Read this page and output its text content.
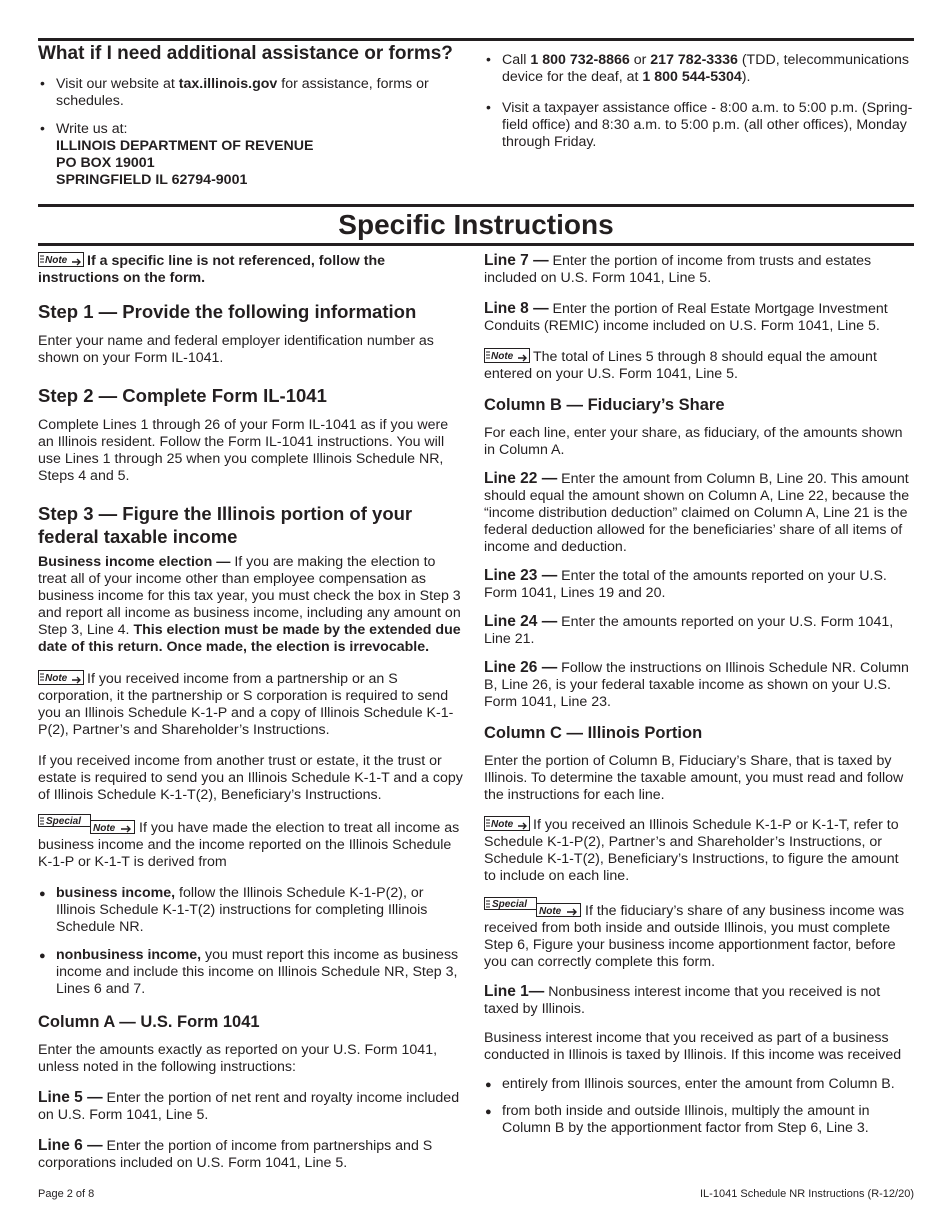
What if I need additional assistance or forms?
• Visit our website at tax.illinois.gov for assistance, forms or schedules.
• Write us at:
ILLINOIS DEPARTMENT OF REVENUE
PO BOX 19001
SPRINGFIELD IL 62794-9001
• Call 1 800 732-8866 or 217 782-3336 (TDD, telecommunications device for the deaf, at 1 800 544-5304).
• Visit a taxpayer assistance office - 8:00 a.m. to 5:00 p.m. (Spring-field office) and 8:30 a.m. to 5:00 p.m. (all other offices), Monday through Friday.
Specific Instructions

Note If a specific line is not referenced, follow the instructions on the form.

Step 1 — Provide the following information

Enter your name and federal employer identification number as shown on your Form IL-1041.

Step 2 — Complete Form IL-1041

Complete Lines 1 through 26 of your Form IL-1041 as if you were an Illinois resident. Follow the Form IL-1041 instructions. You will use Lines 1 through 25 when you complete Illinois Schedule NR, Steps 4 and 5.

Step 3 — Figure the Illinois portion of your federal taxable income

Business income election — If you are making the election to treat all of your income other than employee compensation as business income for this tax year, you must check the box in Step 3 and report all income as business income, including any amount on Step 3, Line 4. This election must be made by the extended due date of this return. Once made, the election is irrevocable.

Note If you received income from a partnership or an S corporation, it the partnership or S corporation is required to send you an Illinois Schedule K-1-P and a copy of Illinois Schedule K-1-P(2), Partner’s and Shareholder’s Instructions.

If you received income from another trust or estate, it the trust or estate is required to send you an Illinois Schedule K-1-T and a copy of Illinois Schedule K-1-T(2), Beneficiary’s Instructions.

Special
Note If you have made the election to treat all income as business income and the income reported on the Illinois Schedule K-1-P or K-1-T is derived from

● business income, follow the Illinois Schedule K-1-P(2), or Illinois Schedule K-1-T(2) instructions for completing Illinois Schedule NR.
● nonbusiness income, you must report this income as business income and include this income on Illinois Schedule NR, Step 3, Lines 6 and 7.
Column A — U.S. Form 1041

Enter the amounts exactly as reported on your U.S. Form 1041, unless noted in the following instructions:

Line 5 — Enter the portion of net rent and royalty income included on U.S. Form 1041, Line 5.

Line 6 — Enter the portion of income from partnerships and S corporations included on U.S. Form 1041, Line 5.

Line 7 — Enter the portion of income from trusts and estates included on U.S. Form 1041, Line 5.

Line 8 — Enter the portion of Real Estate Mortgage Investment Conduits (REMIC) income included on U.S. Form 1041, Line 5.

Note The total of Lines 5 through 8 should equal the amount entered on your U.S. Form 1041, Line 5.

Column B — Fiduciary’s Share

For each line, enter your share, as fiduciary, of the amounts shown in Column A.

Line 22 — Enter the amount from Column B, Line 20. This amount should equal the amount shown on Column A, Line 22, because the “income distribution deduction” claimed on Column A, Line 21 is the federal deduction allowed for the beneficiaries’ share of all items of income and deduction.

Line 23 — Enter the total of the amounts reported on your U.S. Form 1041, Lines 19 and 20.

Line 24 — Enter the amounts reported on your U.S. Form 1041, Line 21.

Line 26 — Follow the instructions on Illinois Schedule NR. Column B, Line 26, is your federal taxable income as shown on your U.S. Form 1041, Line 23.

Column C — Illinois Portion

Enter the portion of Column B, Fiduciary’s Share, that is taxed by Illinois. To determine the taxable amount, you must read and follow the instructions for each line.

Note If you received an Illinois Schedule K-1-P or K-1-T, refer to Schedule K-1-P(2), Partner’s and Shareholder’s Instructions, or Schedule K-1-T(2), Beneficiary’s Instructions, to figure the amount to include on each line.

Special
Note If the fiduciary’s share of any business income was received from both inside and outside Illinois, you must complete Step 6, Figure your business income apportionment factor, before you can correctly complete this form.

Line 1— Nonbusiness interest income that you received is not taxed by Illinois.

Business interest income that you received as part of a business conducted in Illinois is taxed by Illinois. If this income was received

● entirely from Illinois sources, enter the amount from Column B.
● from both inside and outside Illinois, multiply the amount in Column B by the apportionment factor from Step 6, Line 3.
Page 2 of 8	IL-1041 Schedule NR Instructions (R-12/20)
